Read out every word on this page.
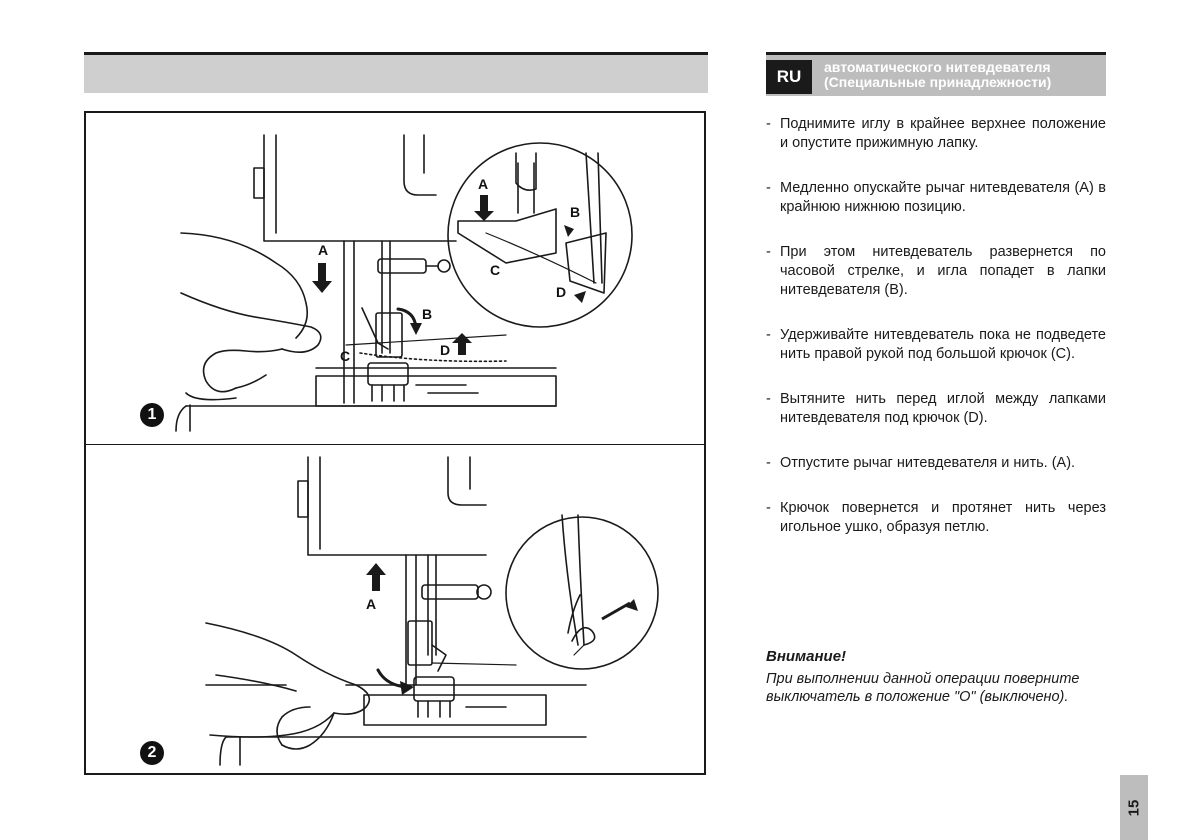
1
A
B
C	D
A
B
C
D
2
A
RU	автоматического нитевдевателя
(Специальные принадлежности)
- Поднимите иглу в крайнее верхнее положение и опустите прижимную лапку.
- Медленно опускайте рычаг нитевдевателя (А) в крайнюю нижнюю позицию.
- При этом нитевдеватель развернется по часовой стрелке, и игла попадет в лапки нитевдевателя (В).
- Удерживайте нитевдеватель пока не подведете нить правой рукой под большой крючок (С).
- Вытяните нить перед иглой между лапками нитевдевателя под крючок (D).
- Отпустите рычаг нитевдевателя и нить. (А).
- Крючок повернется и протянет нить через игольное ушко, образуя петлю.
Внимание!
При выполнении данной операции поверните выключатель в положение "О" (выключено).
15
